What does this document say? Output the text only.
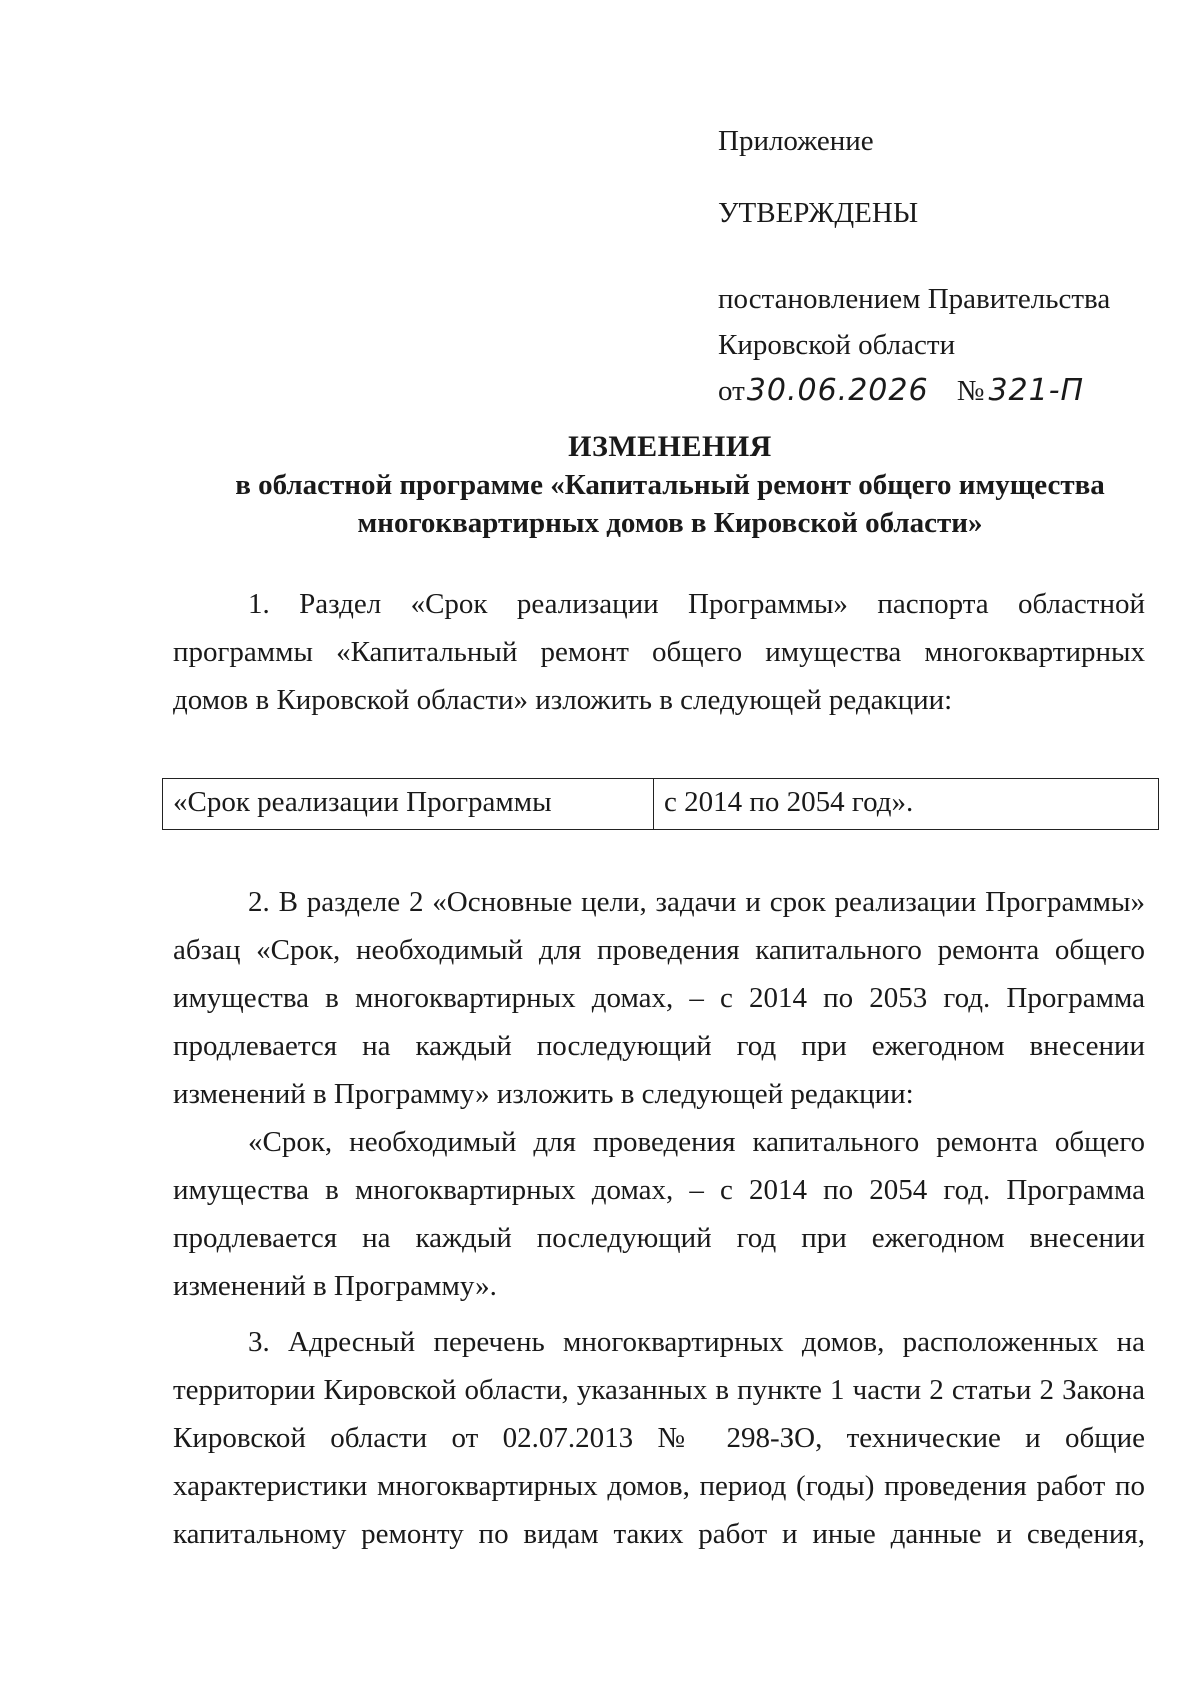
Приложение
УТВЕРЖДЕНЫ
постановлением Правительства
Кировской области
от30.06.2026 № 321-П
ИЗМЕНЕНИЯ
в областной программе «Капитальный ремонт общего имущества
многоквартирных домов в Кировской области»

1. Раздел «Срок реализации Программы» паспорта областной программы «Капитальный ремонт общего имущества многоквартирных домов в Кировской области» изложить в следующей редакции:

«Срок реализации Программы	с 2014 по 2054 год».

2. В разделе 2 «Основные цели, задачи и срок реализации Программы» абзац «Срок, необходимый для проведения капитального ремонта общего имущества в многоквартирных домах, – с 2014 по 2053 год. Программа продлевается на каждый последующий год при ежегодном внесении изменений в Программу» изложить в следующей редакции:

«Срок, необходимый для проведения капитального ремонта общего имущества в многоквартирных домах, – с 2014 по 2054 год. Программа продлевается на каждый последующий год при ежегодном внесении изменений в Программу».

3. Адресный перечень многоквартирных домов, расположенных на территории Кировской области, указанных в пункте 1 части 2 статьи 2 Закона Кировской области от 02.07.2013 № 298-ЗО, технические и общие характеристики многоквартирных домов, период (годы) проведения работ по капитальному ремонту по видам таких работ и иные данные и сведения,
